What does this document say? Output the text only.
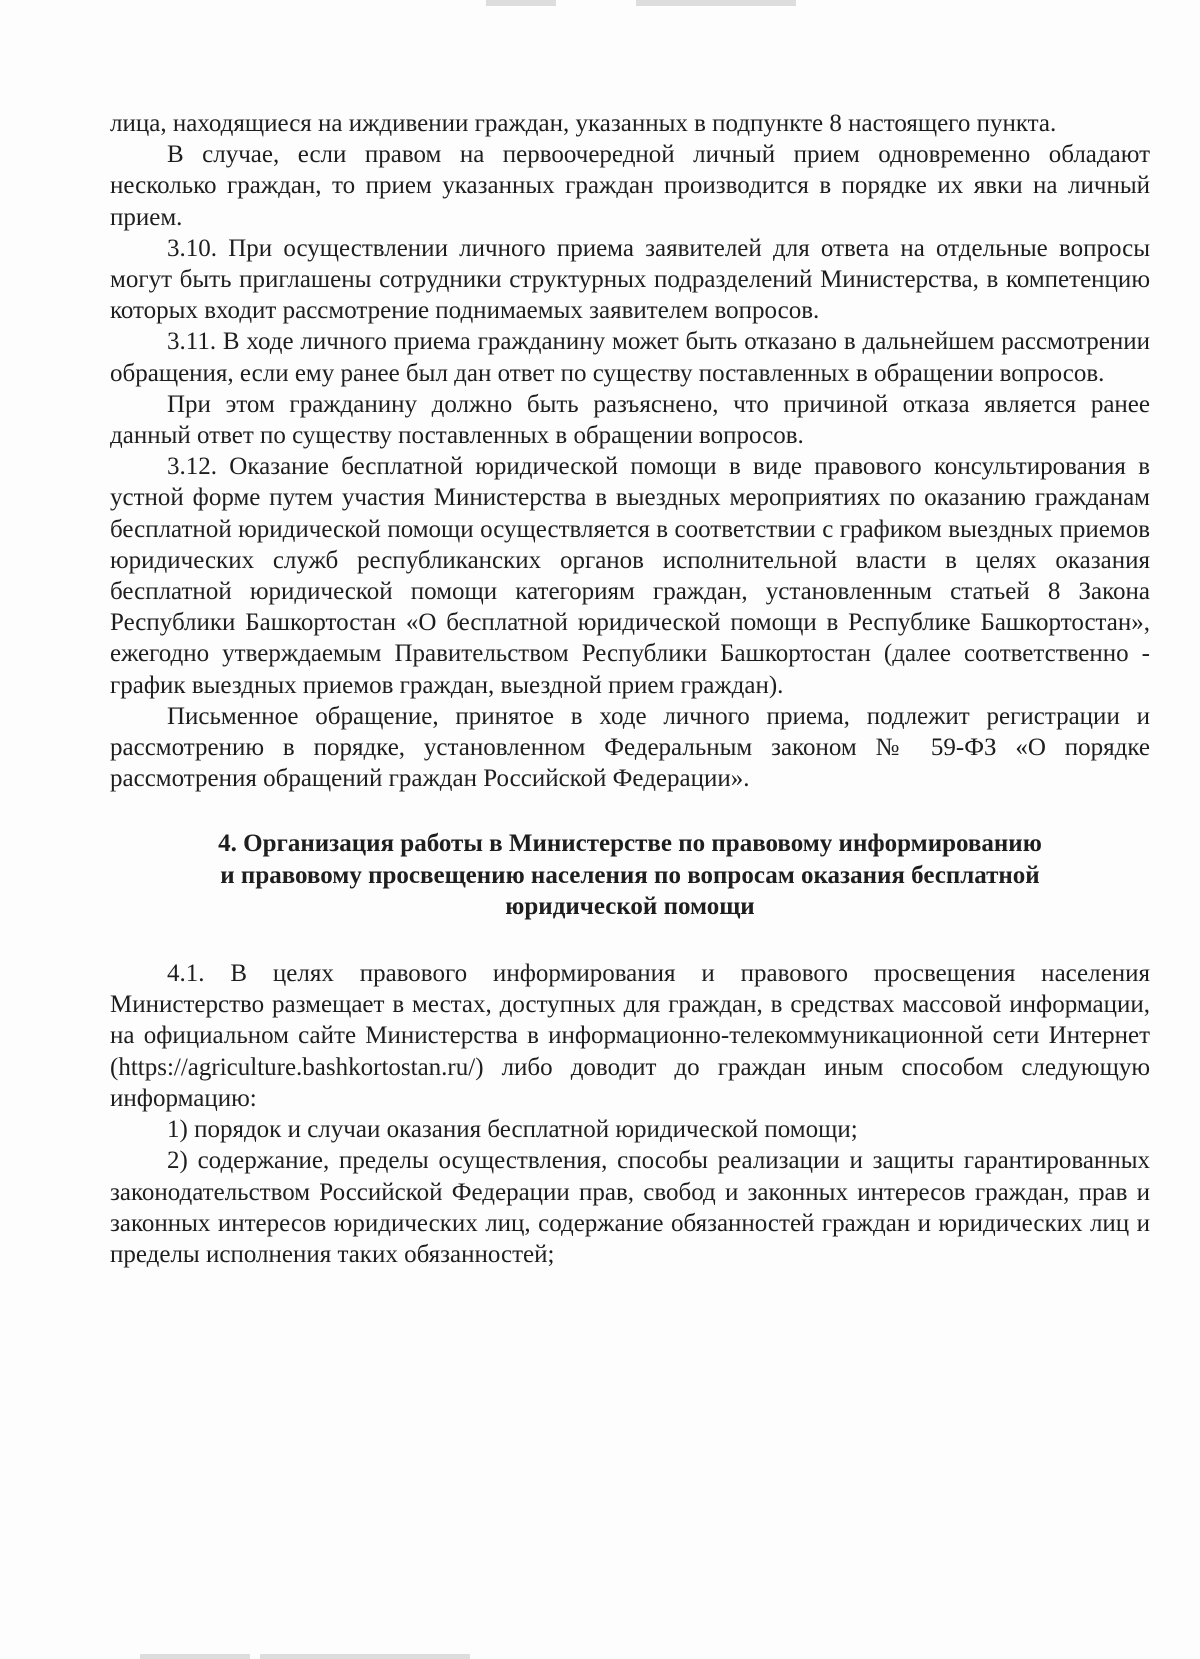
лица, находящиеся на иждивении граждан, указанных в подпункте 8 настоящего пункта.

В случае, если правом на первоочередной личный прием одновременно обладают несколько граждан, то прием указанных граждан производится в порядке их явки на личный прием.

3.10. При осуществлении личного приема заявителей для ответа на отдельные вопросы могут быть приглашены сотрудники структурных подразделений Министерства, в компетенцию которых входит рассмотрение поднимаемых заявителем вопросов.

3.11. В ходе личного приема гражданину может быть отказано в дальнейшем рассмотрении обращения, если ему ранее был дан ответ по существу поставленных в обращении вопросов.

При этом гражданину должно быть разъяснено, что причиной отказа является ранее данный ответ по существу поставленных в обращении вопросов.

3.12. Оказание бесплатной юридической помощи в виде правового консультирования в устной форме путем участия Министерства в выездных мероприятиях по оказанию гражданам бесплатной юридической помощи осуществляется в соответствии с графиком выездных приемов юридических служб республиканских органов исполнительной власти в целях оказания бесплатной юридической помощи категориям граждан, установленным статьей 8 Закона Республики Башкортостан «О бесплатной юридической помощи в Республике Башкортостан», ежегодно утверждаемым Правительством Республики Башкортостан (далее соответственно - график выездных приемов граждан, выездной прием граждан).

Письменное обращение, принятое в ходе личного приема, подлежит регистрации и рассмотрению в порядке, установленном Федеральным законом № 59-ФЗ «О порядке рассмотрения обращений граждан Российской Федерации».

4. Организация работы в Министерстве по правовому информированию
и правовому просвещению населения по вопросам оказания бесплатной
юридической помощи

4.1. В целях правового информирования и правового просвещения населения Министерство размещает в местах, доступных для граждан, в средствах массовой информации, на официальном сайте Министерства в информационно-телекоммуникационной сети Интернет (https://agriculture.bashkortostan.ru/) либо доводит до граждан иным способом следующую информацию:

1) порядок и случаи оказания бесплатной юридической помощи;

2) содержание, пределы осуществления, способы реализации и защиты гарантированных законодательством Российской Федерации прав, свобод и законных интересов граждан, прав и законных интересов юридических лиц, содержание обязанностей граждан и юридических лиц и пределы исполнения таких обязанностей;
